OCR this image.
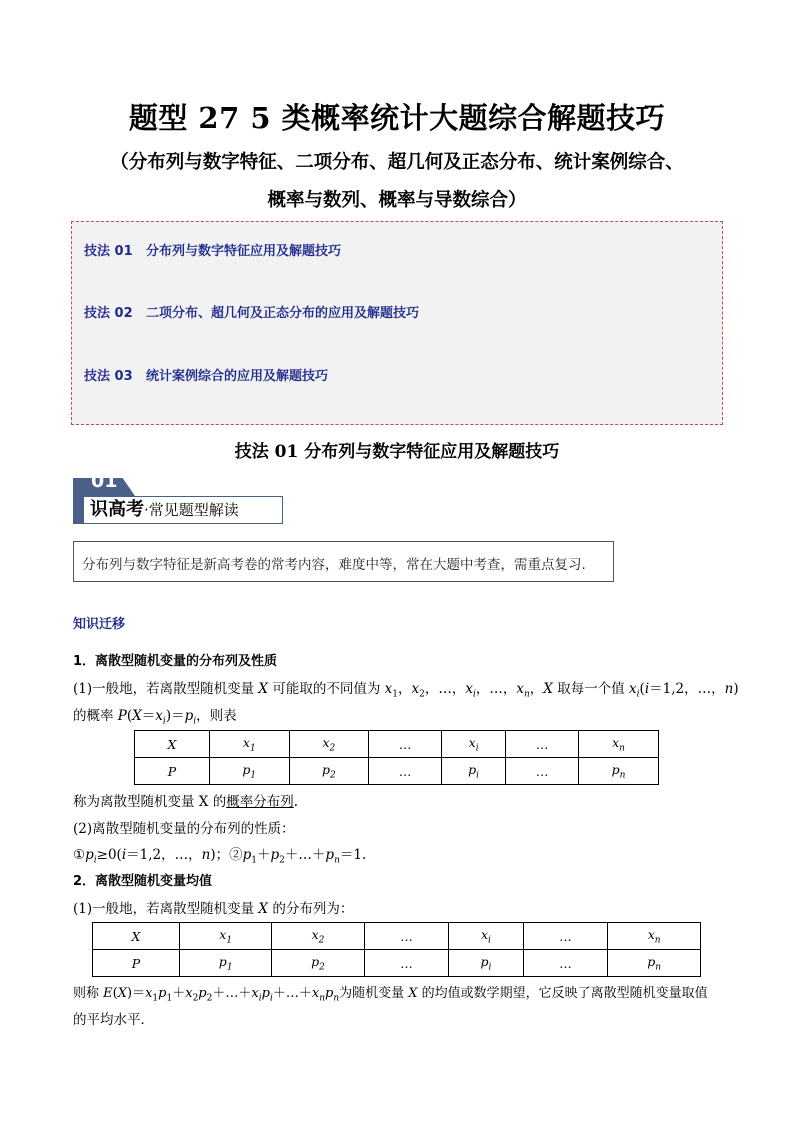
题型 27 5 类概率统计大题综合解题技巧
（分布列与数字特征、二项分布、超几何及正态分布、统计案例综合、
概率与数列、概率与导数综合）
技法 01 分布列与数字特征应用及解题技巧
技法 02 二项分布、超几何及正态分布的应用及解题技巧
技法 03 统计案例综合的应用及解题技巧
技法 01 分布列与数字特征应用及解题技巧
01
识高考·常见题型解读
分布列与数字特征是新高考卷的常考内容，难度中等，常在大题中考查，需重点复习.
知识迁移
1．离散型随机变量的分布列及性质
(1)一般地，若离散型随机变量 X 可能取的不同值为 $x_1$，$x_2$，…，$x_i$，…，$x_n$，X 取每一个值 $x_i(i=1,2$，…，n)
的概率 $P(X=x_i)=p_i$，则表
X	$x_1$	$x_2$	…	$x_i$	…	$x_n$
P	$p_1$	$p_2$	…	$p_i$	…	$p_n$
称为离散型随机变量 X 的概率分布列.
(2)离散型随机变量的分布列的性质：
$①p_i\ge 0(i=1,2$，…，n)；$②p_1+p_2+\dots+p_n=1$.
2．离散型随机变量均值
(1)一般地，若离散型随机变量 X 的分布列为：
X	$x_1$	$x_2$	…	$x_i$	…	$x_n$
P	$p_1$	$p_2$	…	$p_i$	…	$p_n$
则称 $E(X)=x_1p_1+x_2p_2+\dots+x_ip_i+\dots+x_np_n$为随机变量 X 的均值或数学期望，它反映了离散型随机变量取值
的平均水平．
